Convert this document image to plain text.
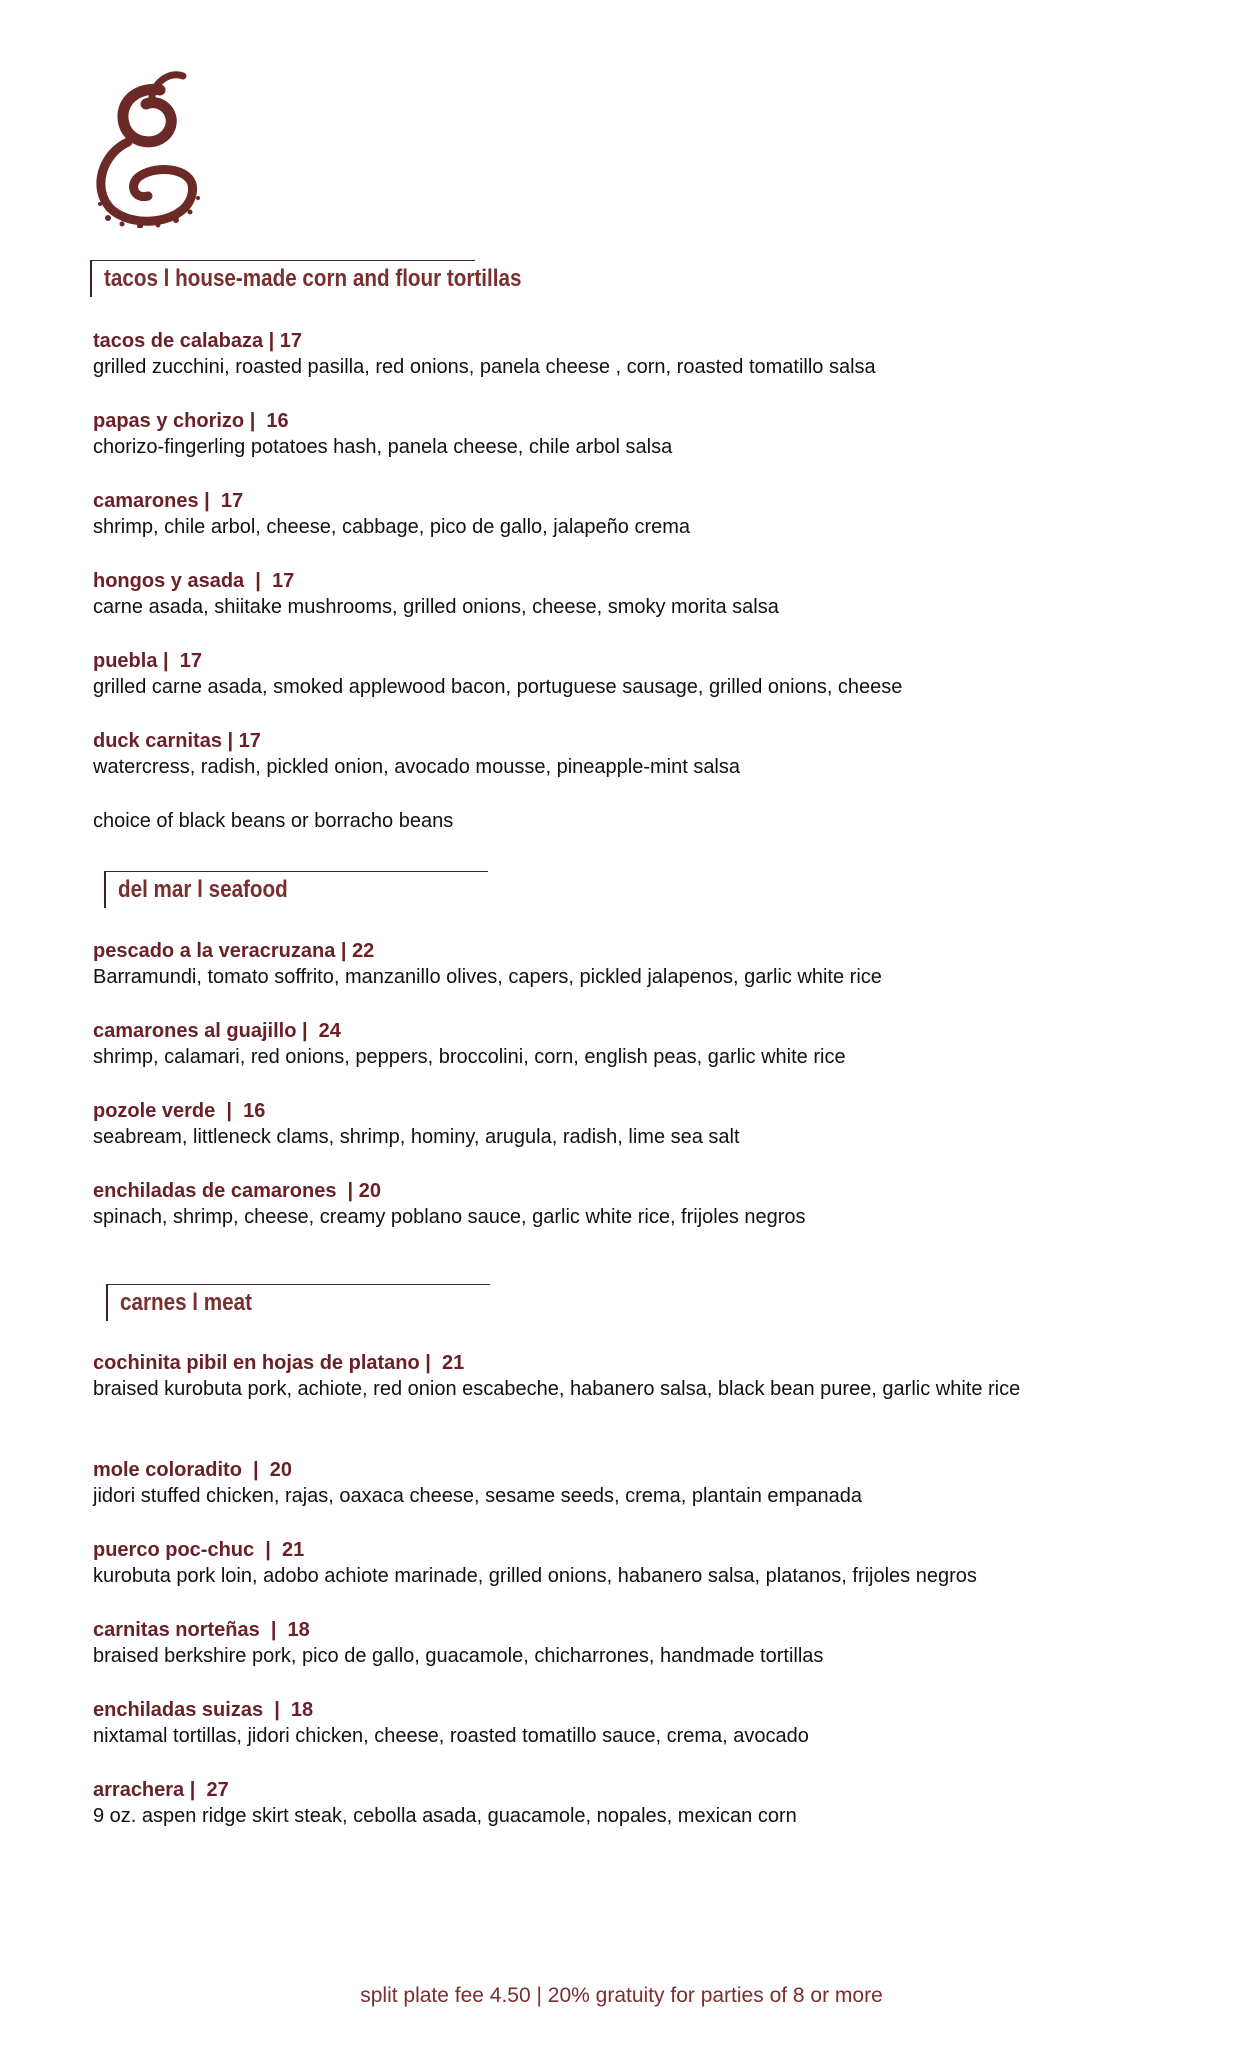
tacos l house-made corn and flour tortillas
tacos de calabaza | 17
grilled zucchini, roasted pasilla, red onions, panela cheese , corn, roasted tomatillo salsa
papas y chorizo |  16
chorizo-fingerling potatoes hash, panela cheese, chile arbol salsa
camarones |  17
shrimp, chile arbol, cheese, cabbage, pico de gallo, jalapeño crema
hongos y asada  |  17
carne asada, shiitake mushrooms, grilled onions, cheese, smoky morita salsa
puebla |  17
grilled carne asada, smoked applewood bacon, portuguese sausage, grilled onions, cheese
duck carnitas | 17
watercress, radish, pickled onion, avocado mousse, pineapple-mint salsa
choice of black beans or borracho beans
del mar l seafood
pescado a la veracruzana | 22
Barramundi, tomato soffrito, manzanillo olives, capers, pickled jalapenos, garlic white rice
camarones al guajillo |  24
shrimp, calamari, red onions, peppers, broccolini, corn, english peas, garlic white rice
pozole verde  |  16
seabream, littleneck clams, shrimp, hominy, arugula, radish, lime sea salt
enchiladas de camarones  | 20
spinach, shrimp, cheese, creamy poblano sauce, garlic white rice, frijoles negros
carnes l meat
cochinita pibil en hojas de platano |  21
braised kurobuta pork, achiote, red onion escabeche, habanero salsa, black bean puree, garlic white rice
mole coloradito  |  20
jidori stuffed chicken, rajas, oaxaca cheese, sesame seeds, crema, plantain empanada
puerco poc-chuc  |  21
kurobuta pork loin, adobo achiote marinade, grilled onions, habanero salsa, platanos, frijoles negros
carnitas norteñas  |  18
braised berkshire pork, pico de gallo, guacamole, chicharrones, handmade tortillas
enchiladas suizas  |  18
nixtamal tortillas, jidori chicken, cheese, roasted tomatillo sauce, crema, avocado
arrachera |  27
9 oz. aspen ridge skirt steak, cebolla asada, guacamole, nopales, mexican corn
split plate fee 4.50 | 20% gratuity for parties of 8 or more
